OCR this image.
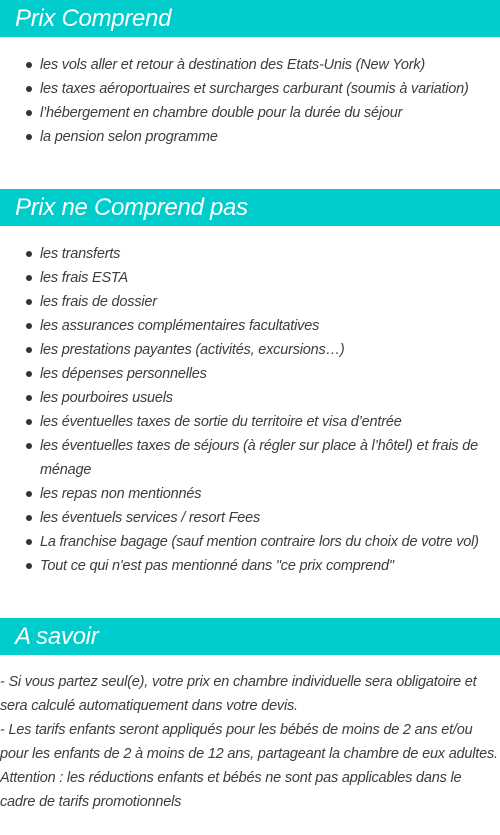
Prix Comprend
les vols aller et retour à destination des Etats-Unis (New York)
les taxes aéroportuaires et surcharges carburant (soumis à variation)
l’hébergement en chambre double pour la durée du séjour
la pension selon programme
Prix ne Comprend pas
les transferts
les frais ESTA
les frais de dossier
les assurances complémentaires facultatives
les prestations payantes (activités, excursions…)
les dépenses personnelles
les pourboires usuels
les éventuelles taxes de sortie du territoire et visa d’entrée
les éventuelles taxes de séjours (à régler sur place à l’hôtel) et frais de ménage
les repas non mentionnés
les éventuels services / resort Fees
La franchise bagage (sauf mention contraire lors du choix de votre vol)
Tout ce qui n'est pas mentionné dans "ce prix comprend"
A savoir

- Si vous partez seul(e), votre prix en chambre individuelle sera obligatoire et sera calculé automatiquement dans votre devis.

- Les tarifs enfants seront appliqués pour les bébés de moins de 2 ans et/ou pour les enfants de 2 à moins de 12 ans, partageant la chambre de eux adultes.

Attention : les réductions enfants et bébés ne sont pas applicables dans le cadre de tarifs promotionnels
